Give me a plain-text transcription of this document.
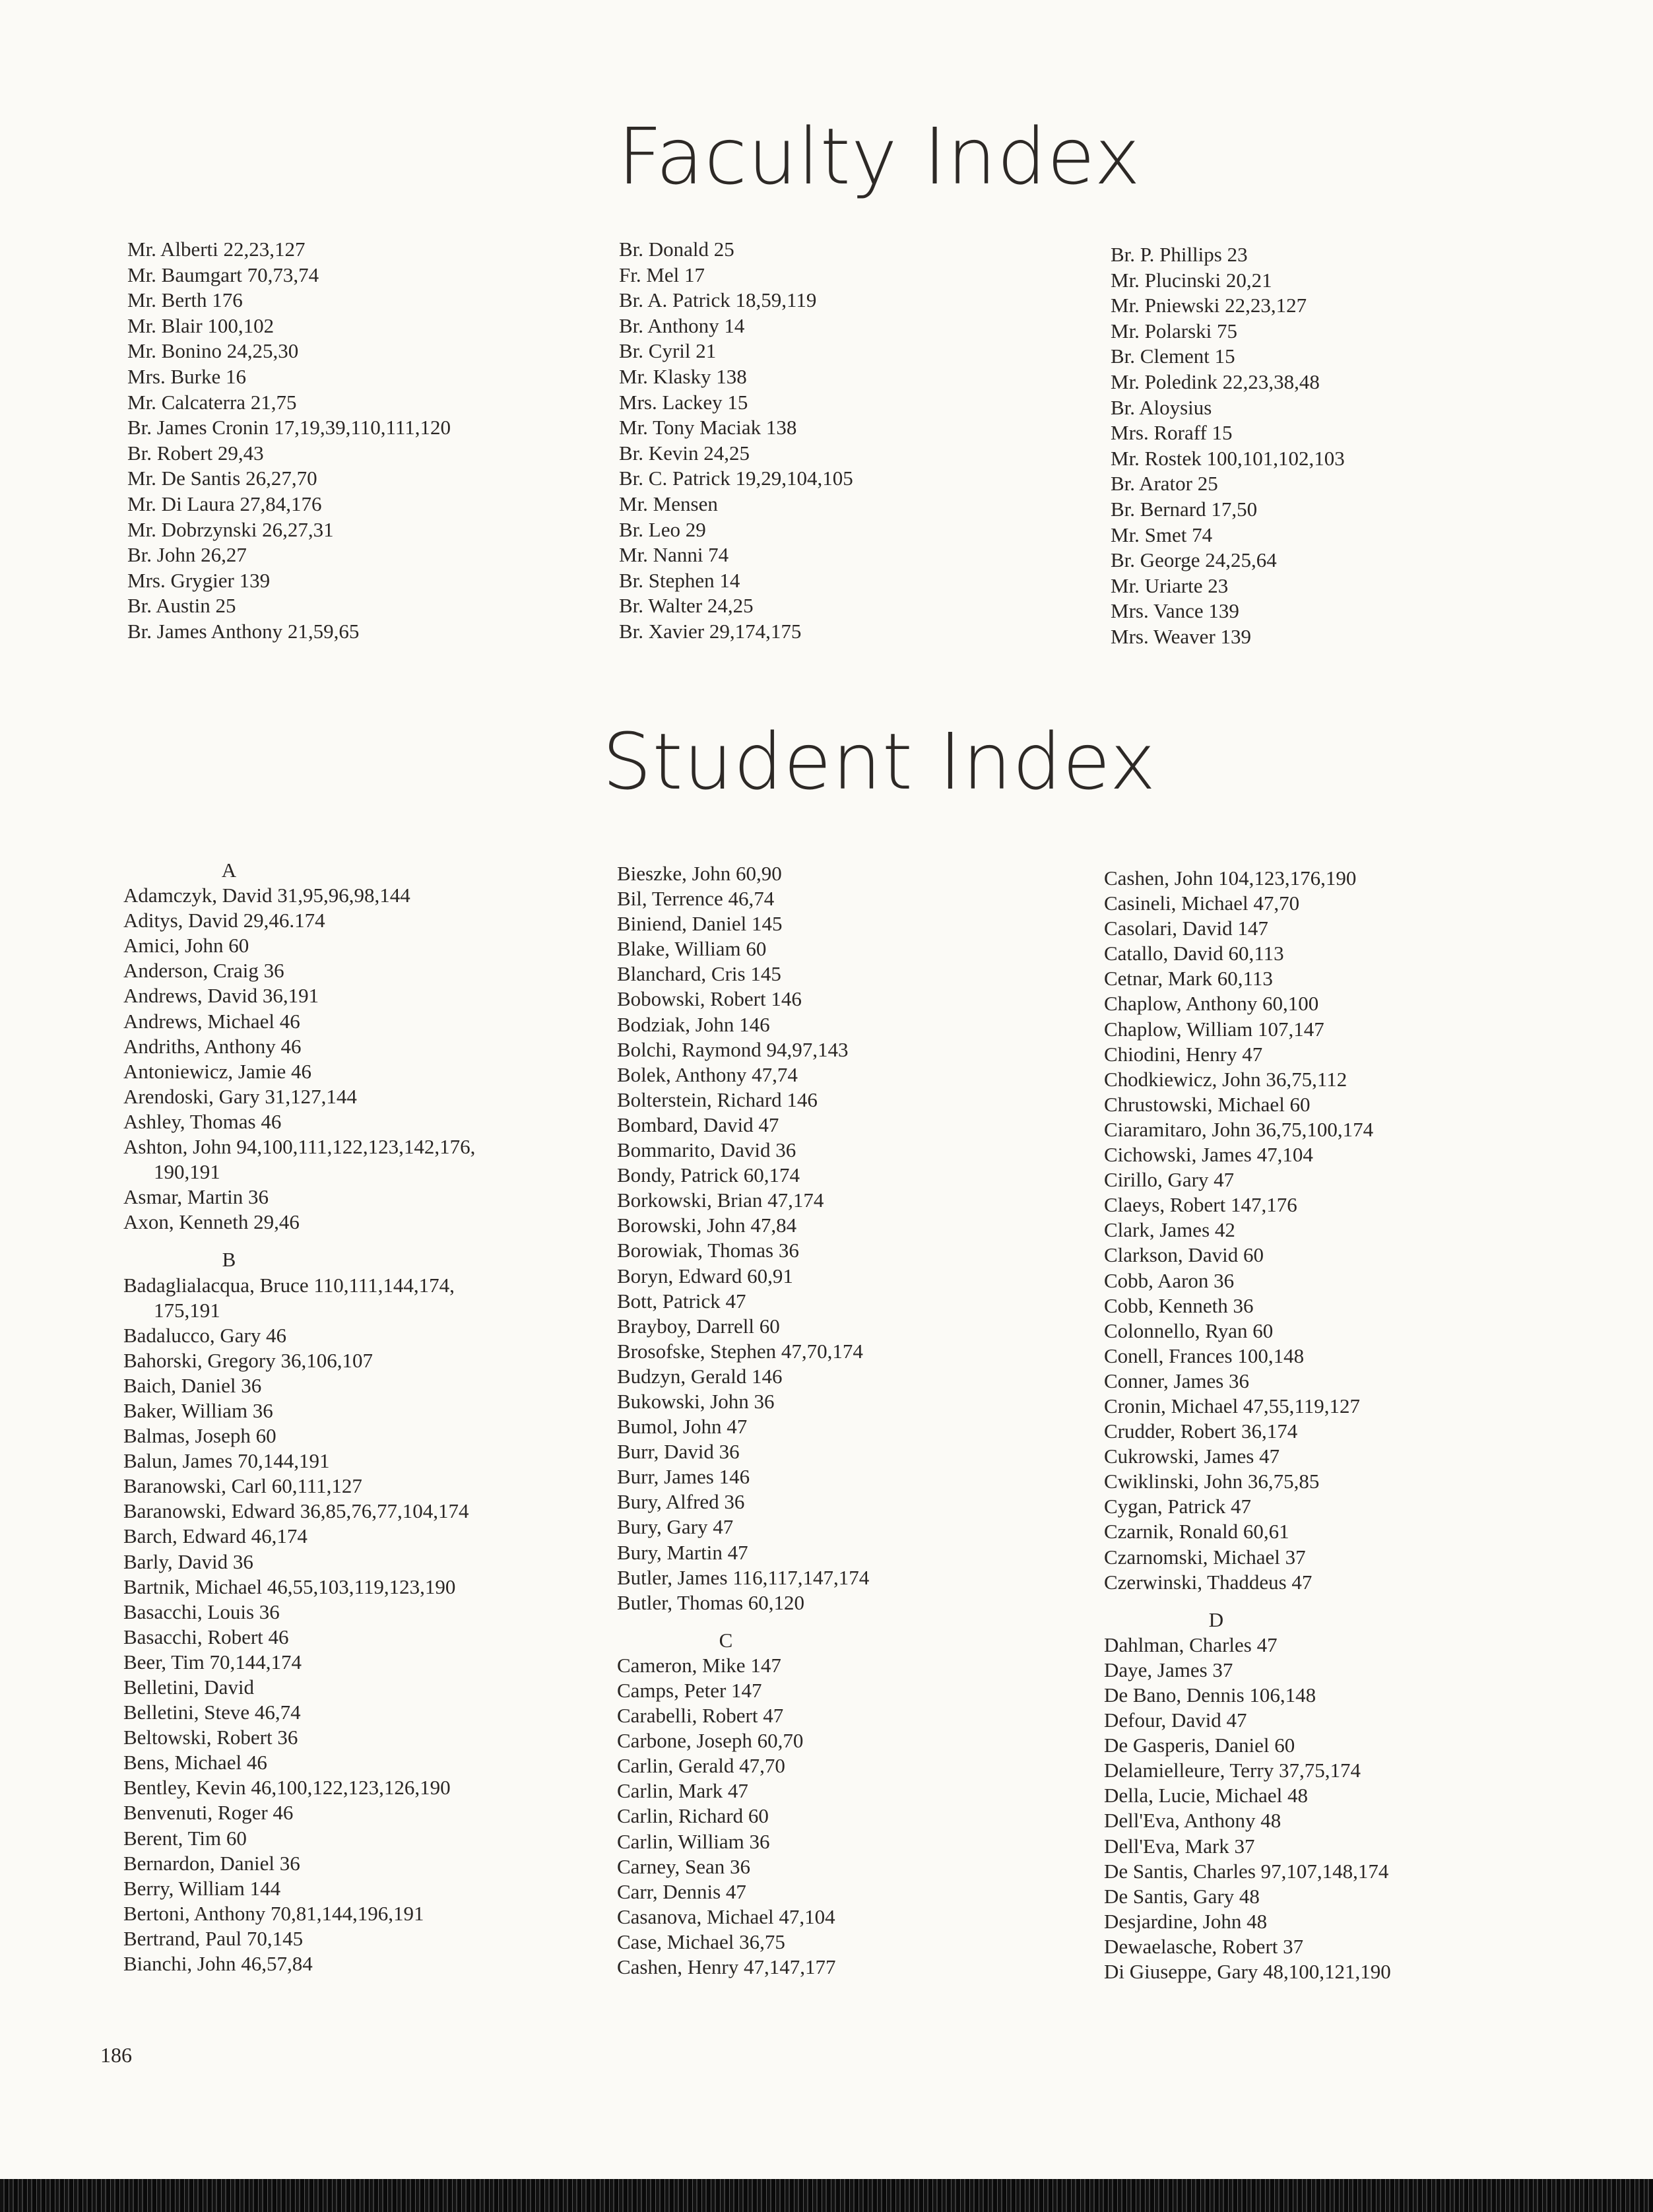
Faculty Index
Mr. Alberti 22,23,127
Mr. Baumgart 70,73,74
Mr. Berth 176
Mr. Blair 100,102
Mr. Bonino 24,25,30
Mrs. Burke 16
Mr. Calcaterra 21,75
Br. James Cronin 17,19,39,110,111,120
Br. Robert 29,43
Mr. De Santis 26,27,70
Mr. Di Laura 27,84,176
Mr. Dobrzynski 26,27,31
Br. John 26,27
Mrs. Grygier 139
Br. Austin 25
Br. James Anthony 21,59,65
Br. Donald 25
Fr. Mel 17
Br. A. Patrick 18,59,119
Br. Anthony 14
Br. Cyril 21
Mr. Klasky 138
Mrs. Lackey 15
Mr. Tony Maciak 138
Br. Kevin 24,25
Br. C. Patrick 19,29,104,105
Mr. Mensen
Br. Leo 29
Mr. Nanni 74
Br. Stephen 14
Br. Walter 24,25
Br. Xavier 29,174,175
Br. P. Phillips 23
Mr. Plucinski 20,21
Mr. Pniewski 22,23,127
Mr. Polarski 75
Br. Clement 15
Mr. Poledink 22,23,38,48
Br. Aloysius
Mrs. Roraff 15
Mr. Rostek 100,101,102,103
Br. Arator 25
Br. Bernard 17,50
Mr. Smet 74
Br. George 24,25,64
Mr. Uriarte 23
Mrs. Vance 139
Mrs. Weaver 139
Student Index
A
Adamczyk, David 31,95,96,98,144
Aditys, David 29,46.174
Amici, John 60
Anderson, Craig 36
Andrews, David 36,191
Andrews, Michael 46
Andriths, Anthony 46
Antoniewicz, Jamie 46
Arendoski, Gary 31,127,144
Ashley, Thomas 46
Ashton, John 94,100,111,122,123,142,176,
190,191
Asmar, Martin 36
Axon, Kenneth 29,46
B
Badaglialacqua, Bruce 110,111,144,174,
175,191
Badalucco, Gary 46
Bahorski, Gregory 36,106,107
Baich, Daniel 36
Baker, William 36
Balmas, Joseph 60
Balun, James 70,144,191
Baranowski, Carl 60,111,127
Baranowski, Edward 36,85,76,77,104,174
Barch, Edward 46,174
Barly, David 36
Bartnik, Michael 46,55,103,119,123,190
Basacchi, Louis 36
Basacchi, Robert 46
Beer, Tim 70,144,174
Belletini, David
Belletini, Steve 46,74
Beltowski, Robert 36
Bens, Michael 46
Bentley, Kevin 46,100,122,123,126,190
Benvenuti, Roger 46
Berent, Tim 60
Bernardon, Daniel 36
Berry, William 144
Bertoni, Anthony 70,81,144,196,191
Bertrand, Paul 70,145
Bianchi, John 46,57,84
Bieszke, John 60,90
Bil, Terrence 46,74
Biniend, Daniel 145
Blake, William 60
Blanchard, Cris 145
Bobowski, Robert 146
Bodziak, John 146
Bolchi, Raymond 94,97,143
Bolek, Anthony 47,74
Bolterstein, Richard 146
Bombard, David 47
Bommarito, David 36
Bondy, Patrick 60,174
Borkowski, Brian 47,174
Borowski, John 47,84
Borowiak, Thomas 36
Boryn, Edward 60,91
Bott, Patrick 47
Brayboy, Darrell 60
Brosofske, Stephen 47,70,174
Budzyn, Gerald 146
Bukowski, John 36
Bumol, John 47
Burr, David 36
Burr, James 146
Bury, Alfred 36
Bury, Gary 47
Bury, Martin 47
Butler, James 116,117,147,174
Butler, Thomas 60,120
C
Cameron, Mike 147
Camps, Peter 147
Carabelli, Robert 47
Carbone, Joseph 60,70
Carlin, Gerald 47,70
Carlin, Mark 47
Carlin, Richard 60
Carlin, William 36
Carney, Sean 36
Carr, Dennis 47
Casanova, Michael 47,104
Case, Michael 36,75
Cashen, Henry 47,147,177
Cashen, John 104,123,176,190
Casineli, Michael 47,70
Casolari, David 147
Catallo, David 60,113
Cetnar, Mark 60,113
Chaplow, Anthony 60,100
Chaplow, William 107,147
Chiodini, Henry 47
Chodkiewicz, John 36,75,112
Chrustowski, Michael 60
Ciaramitaro, John 36,75,100,174
Cichowski, James 47,104
Cirillo, Gary 47
Claeys, Robert 147,176
Clark, James 42
Clarkson, David 60
Cobb, Aaron 36
Cobb, Kenneth 36
Colonnello, Ryan 60
Conell, Frances 100,148
Conner, James 36
Cronin, Michael 47,55,119,127
Crudder, Robert 36,174
Cukrowski, James 47
Cwiklinski, John 36,75,85
Cygan, Patrick 47
Czarnik, Ronald 60,61
Czarnomski, Michael 37
Czerwinski, Thaddeus 47
D
Dahlman, Charles 47
Daye, James 37
De Bano, Dennis 106,148
Defour, David 47
De Gasperis, Daniel 60
Delamielleure, Terry 37,75,174
Della, Lucie, Michael 48
Dell'Eva, Anthony 48
Dell'Eva, Mark 37
De Santis, Charles 97,107,148,174
De Santis, Gary 48
Desjardine, John 48
Dewaelasche, Robert 37
Di Giuseppe, Gary 48,100,121,190
186
